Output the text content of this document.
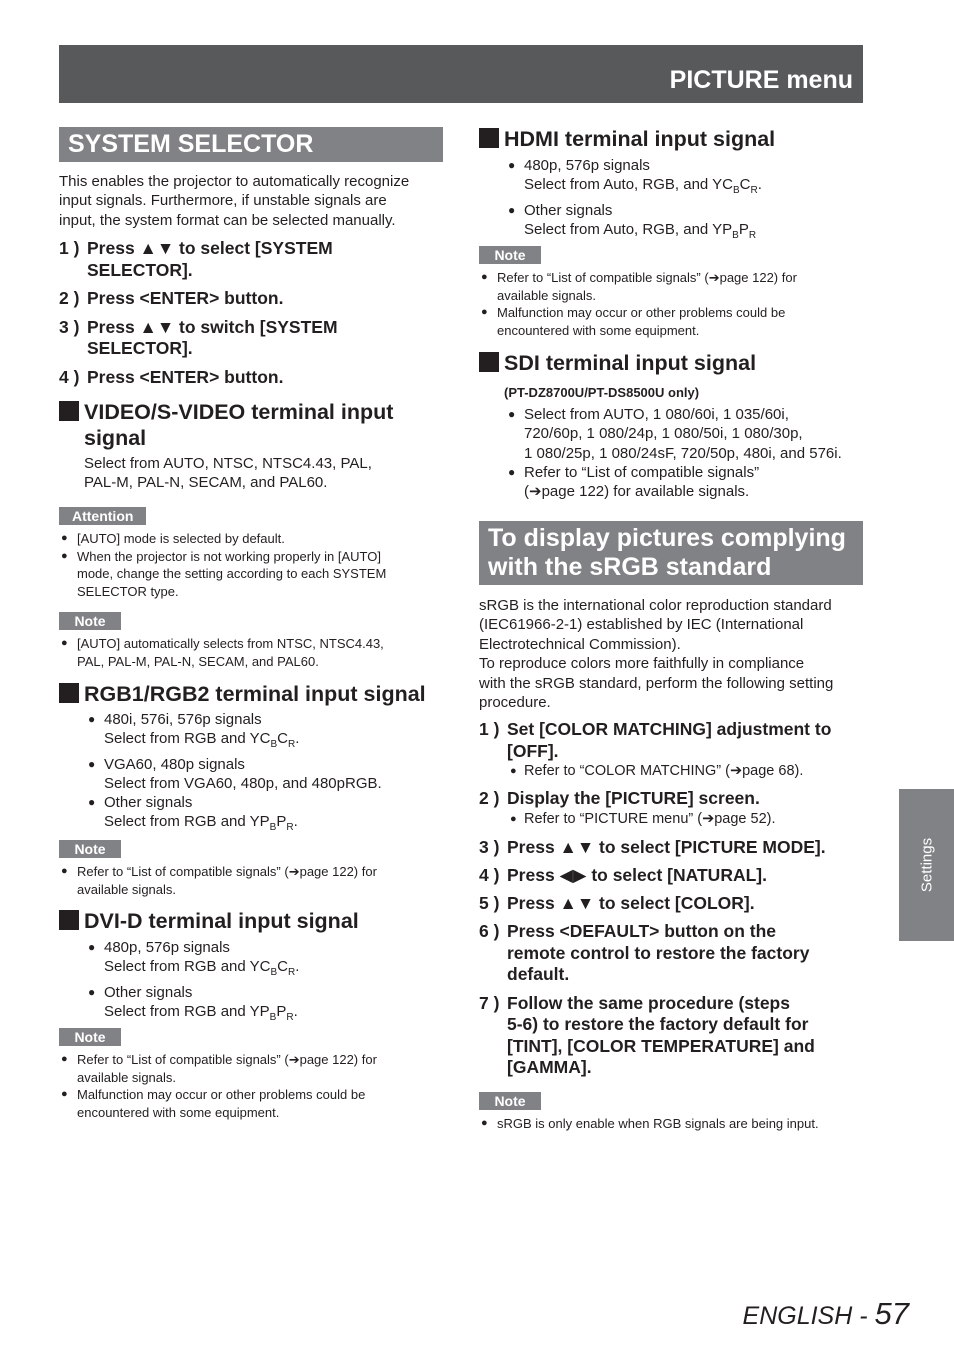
PICTURE menu
SYSTEM SELECTOR

This enables the projector to automatically recognize

input signals. Furthermore, if unstable signals are

input, the system format can be selected manually.

1 ) Press ▲▼ to select [SYSTEM
SELECTOR].
2 ) Press <ENTER> button.
3 ) Press ▲▼ to switch [SYSTEM
SELECTOR].
4 ) Press <ENTER> button.
VIDEO/S-VIDEO terminal input
signal

Select from AUTO, NTSC, NTSC4.43, PAL,

PAL-M, PAL-N, SECAM, and PAL60.

Attention
● [AUTO] mode is selected by default.
● When the projector is not working properly in [AUTO]
mode, change the setting according to each SYSTEM
SELECTOR type.
Note
● [AUTO] automatically selects from NTSC, NTSC4.43,
PAL, PAL-M, PAL-N, SECAM, and PAL60.
RGB1/RGB2 terminal input signal
● 480i, 576i, 576p signals
Select from RGB and $YC_BC_R$.
● VGA60, 480p signals
Select from VGA60, 480p, and 480pRGB.
● Other signals
Select from RGB and $YP_BP_R$.
Note
● Refer to “List of compatible signals” (➔page 122) for
available signals.
DVI-D terminal input signal
● 480p, 576p signals
Select from RGB and $YC_BC_R$.
● Other signals
Select from RGB and $YP_BP_R$.
Note
● Refer to “List of compatible signals” (➔page 122) for
available signals.
● Malfunction may occur or other problems could be
encountered with some equipment.
HDMI terminal input signal
● 480p, 576p signals
Select from Auto, RGB, and $YC_BC_R$.
● Other signals
Select from Auto, RGB, and $YP_BP_R$
Note
● Refer to “List of compatible signals” (➔page 122) for
available signals.
● Malfunction may occur or other problems could be
encountered with some equipment.
SDI terminal input signal
(PT-DZ8700U/PT-DS8500U only)
● Select from AUTO, 1 080/60i, 1 035/60i,
720/60p, 1 080/24p, 1 080/50i, 1 080/30p,
1 080/25p, 1 080/24sF, 720/50p, 480i, and 576i.
● Refer to “List of compatible signals”
(➔page 122) for available signals.
To display pictures complying
with the sRGB standard

sRGB is the international color reproduction standard

(IEC61966-2-1) established by IEC (International

Electrotechnical Commission).

To reproduce colors more faithfully in compliance

with the sRGB standard, perform the following setting

procedure.

1 ) Set [COLOR MATCHING] adjustment to
[OFF].
● Refer to “COLOR MATCHING” (➔page 68).
2 ) Display the [PICTURE] screen.
● Refer to “PICTURE menu” (➔page 52).
3 ) Press ▲▼ to select [PICTURE MODE].
4 ) Press ◀▶ to select [NATURAL].
5 ) Press ▲▼ to select [COLOR].
6 ) Press <DEFAULT> button on the
remote control to restore the factory
default.
7 ) Follow the same procedure (steps
5-6) to restore the factory default for
[TINT], [COLOR TEMPERATURE] and
[GAMMA].
Note
● sRGB is only enable when RGB signals are being input.
Settings
ENGLISH - 57
